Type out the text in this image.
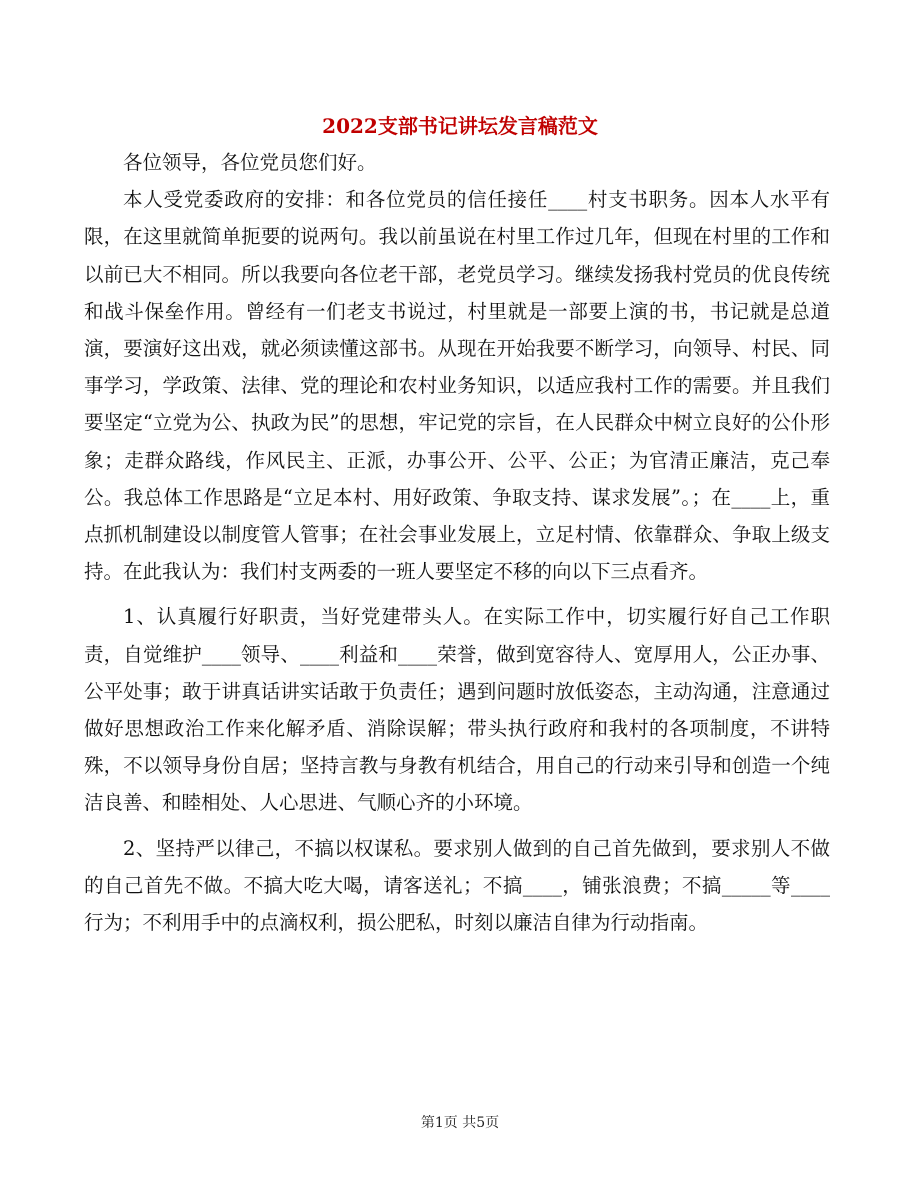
2022支部书记讲坛发言稿范文

各位领导，各位党员您们好。

本人受党委政府的安排：和各位党员的信任接任____村支书职务。因本人水平有限，在这里就简单扼要的说两句。我以前虽说在村里工作过几年，但现在村里的工作和以前已大不相同。所以我要向各位老干部，老党员学习。继续发扬我村党员的优良传统和战斗保垒作用。曾经有一们老支书说过，村里就是一部要上演的书，书记就是总道演，要演好这出戏，就必须读懂这部书。从现在开始我要不断学习，向领导、村民、同事学习，学政策、法律、党的理论和农村业务知识，以适应我村工作的需要。并且我们要坚定“立党为公、执政为民”的思想，牢记党的宗旨，在人民群众中树立良好的公仆形象；走群众路线，作风民主、正派，办事公开、公平、公正；为官清正廉洁，克己奉公。我总体工作思路是“立足本村、用好政策、争取支持、谋求发展”。；在____上，重点抓机制建设以制度管人管事；在社会事业发展上，立足村情、依靠群众、争取上级支持。在此我认为：我们村支两委的一班人要坚定不移的向以下三点看齐。

1、认真履行好职责，当好党建带头人。在实际工作中，切实履行好自己工作职责，自觉维护____领导、____利益和____荣誉，做到宽容待人、宽厚用人，公正办事、公平处事；敢于讲真话讲实话敢于负责任；遇到问题时放低姿态，主动沟通，注意通过做好思想政治工作来化解矛盾、消除误解；带头执行政府和我村的各项制度，不讲特殊，不以领导身份自居；坚持言教与身教有机结合，用自己的行动来引导和创造一个纯洁良善、和睦相处、人心思进、气顺心齐的小环境。

2、坚持严以律己，不搞以权谋私。要求别人做到的自己首先做到，要求别人不做的自己首先不做。不搞大吃大喝，请客送礼；不搞____，铺张浪费；不搞_____等____行为；不利用手中的点滴权利，损公肥私，时刻以廉洁自律为行动指南。

第1页 共5页
